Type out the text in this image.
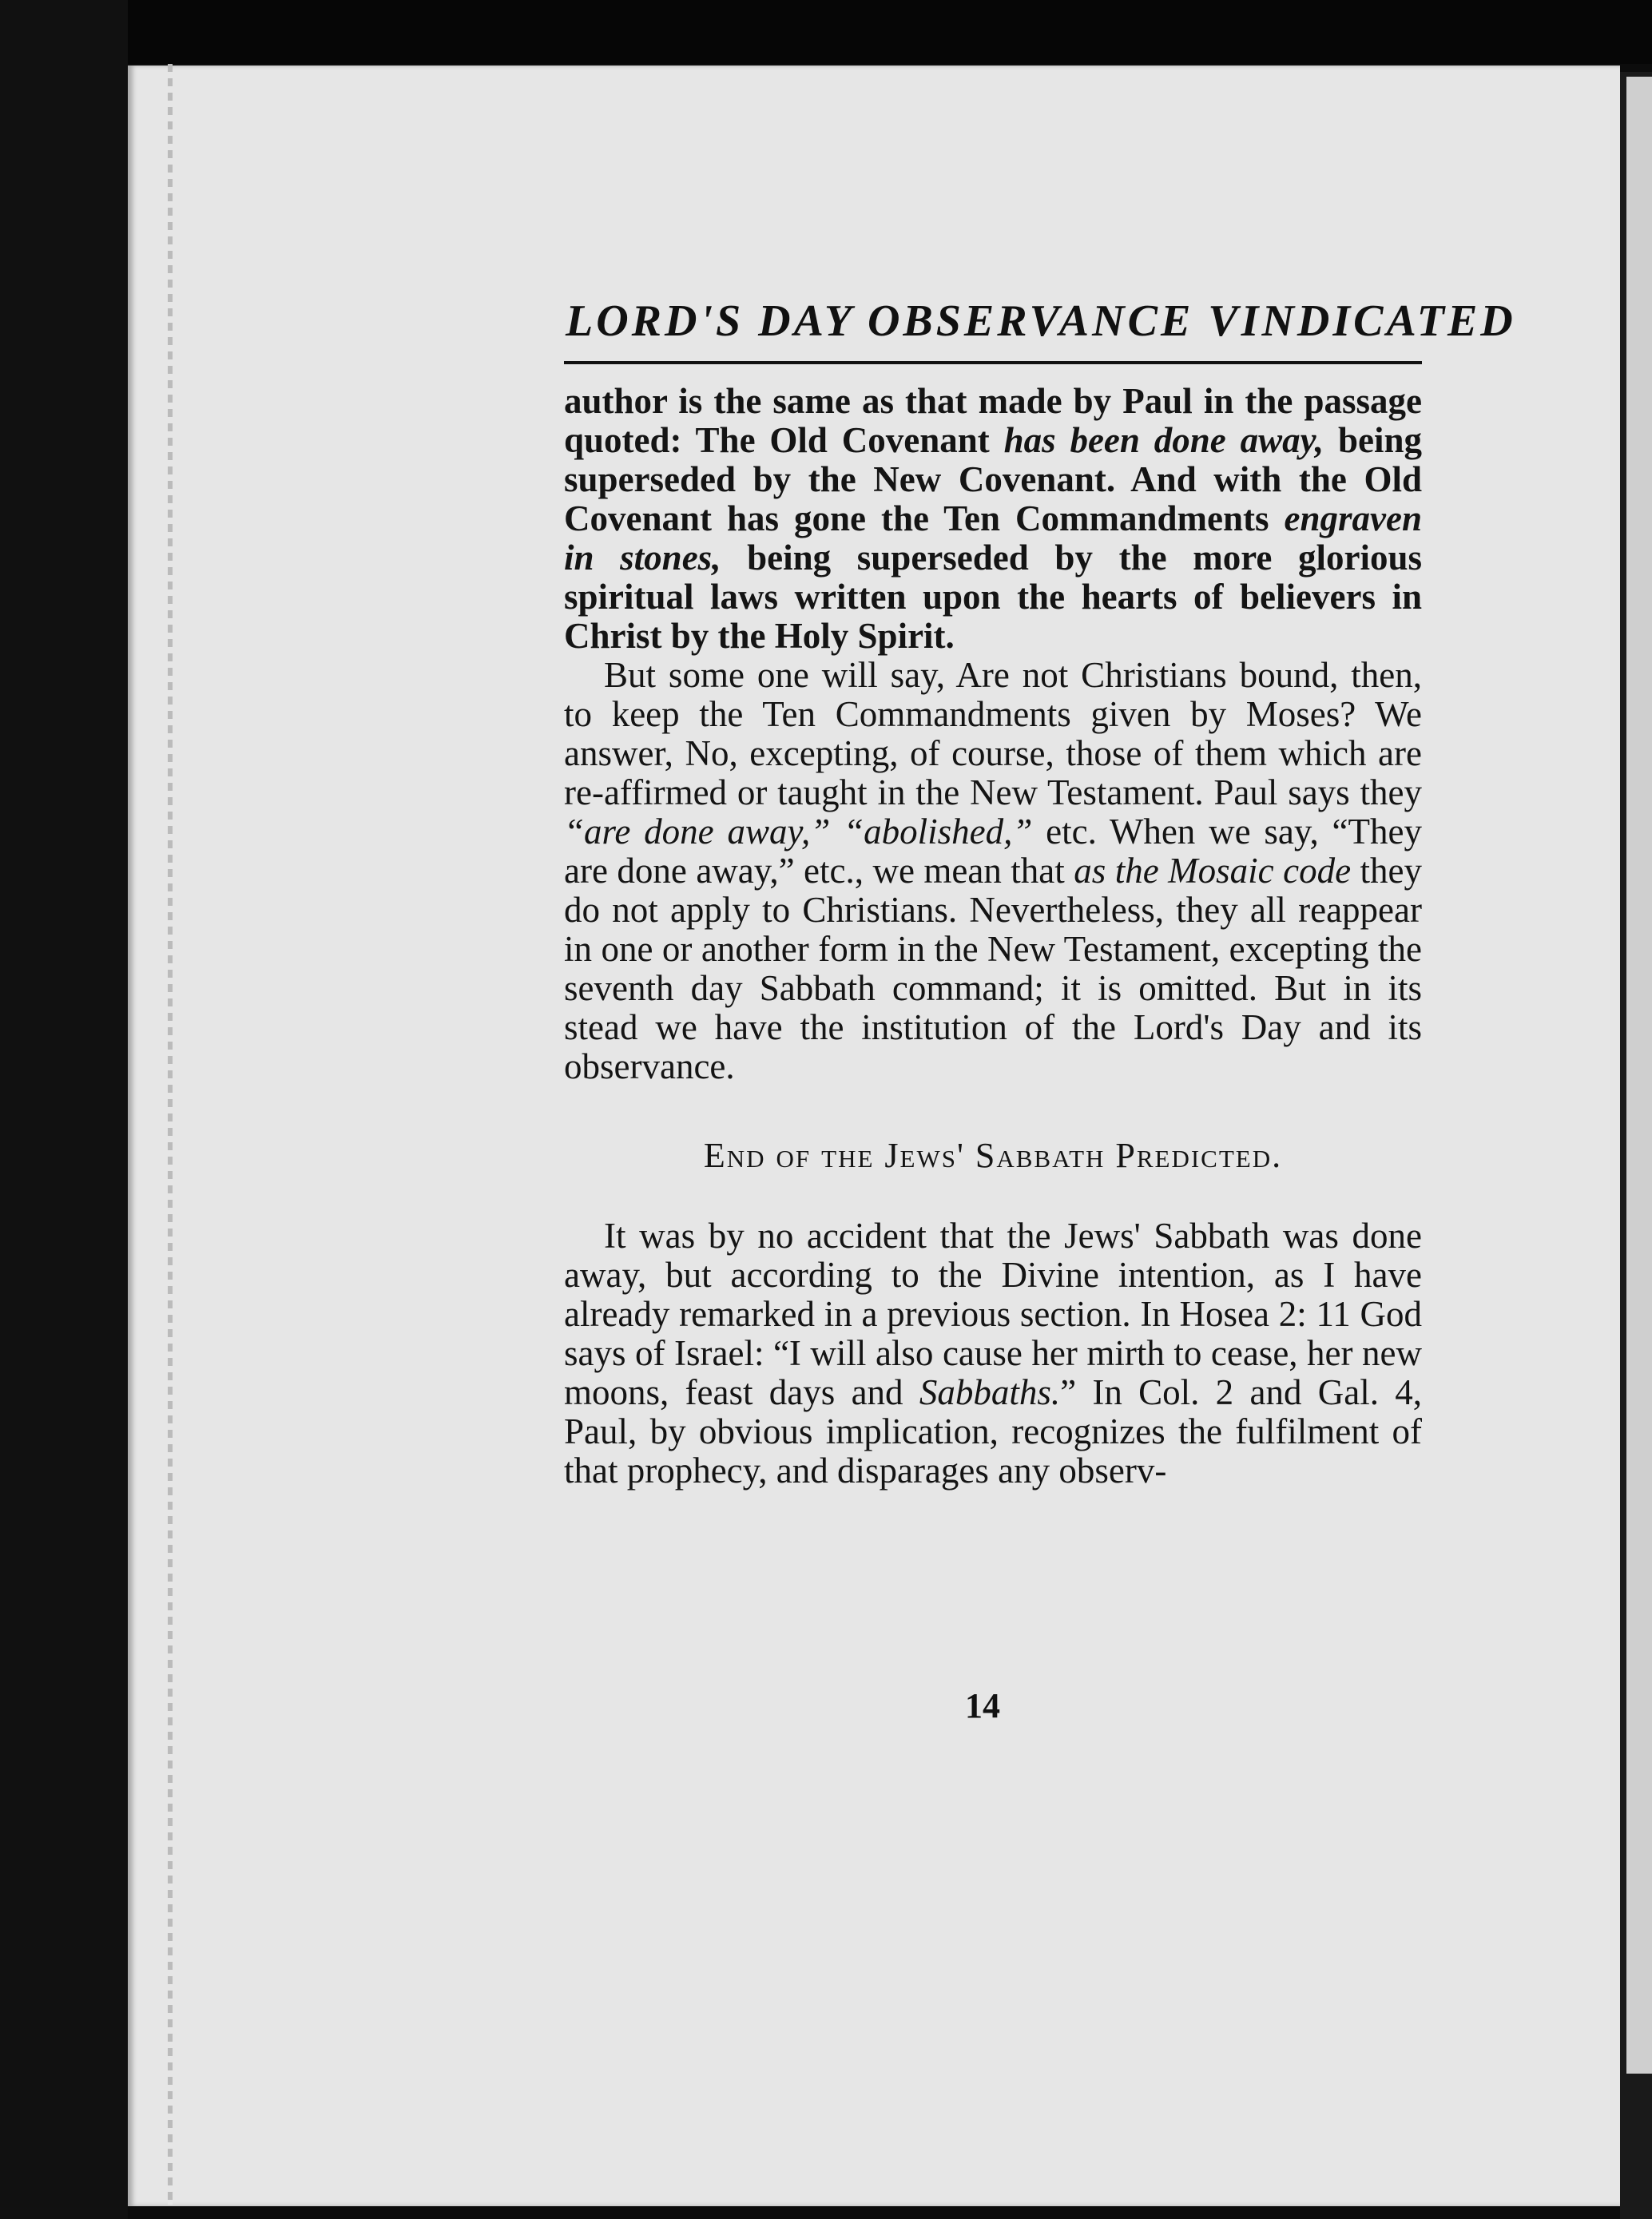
LORD'S DAY OBSERVANCE VINDICATED

author is the same as that made by Paul in the passage quoted: The Old Covenant has been done away, being superseded by the New Covenant. And with the Old Covenant has gone the Ten Commandments engraven in stones, being superseded by the more glorious spiritual laws written upon the hearts of believers in Christ by the Holy Spirit.

But some one will say, Are not Christians bound, then, to keep the Ten Commandments given by Moses? We answer, No, excepting, of course, those of them which are re-affirmed or taught in the New Testament. Paul says they “are done away,” “abolished,” etc. When we say, “They are done away,” etc., we mean that as the Mosaic code they do not apply to Christians. Nevertheless, they all reappear in one or another form in the New Testament, excepting the seventh day Sabbath command; it is omitted. But in its stead we have the institution of the Lord's Day and its observance.

End of the Jews' Sabbath Predicted.

It was by no accident that the Jews' Sabbath was done away, but according to the Divine intention, as I have already remarked in a previous section. In Hosea 2: 11 God says of Israel: “I will also cause her mirth to cease, her new moons, feast days and Sabbaths.” In Col. 2 and Gal. 4, Paul, by obvious implication, recognizes the fulfilment of that prophecy, and disparages any observ-

14
